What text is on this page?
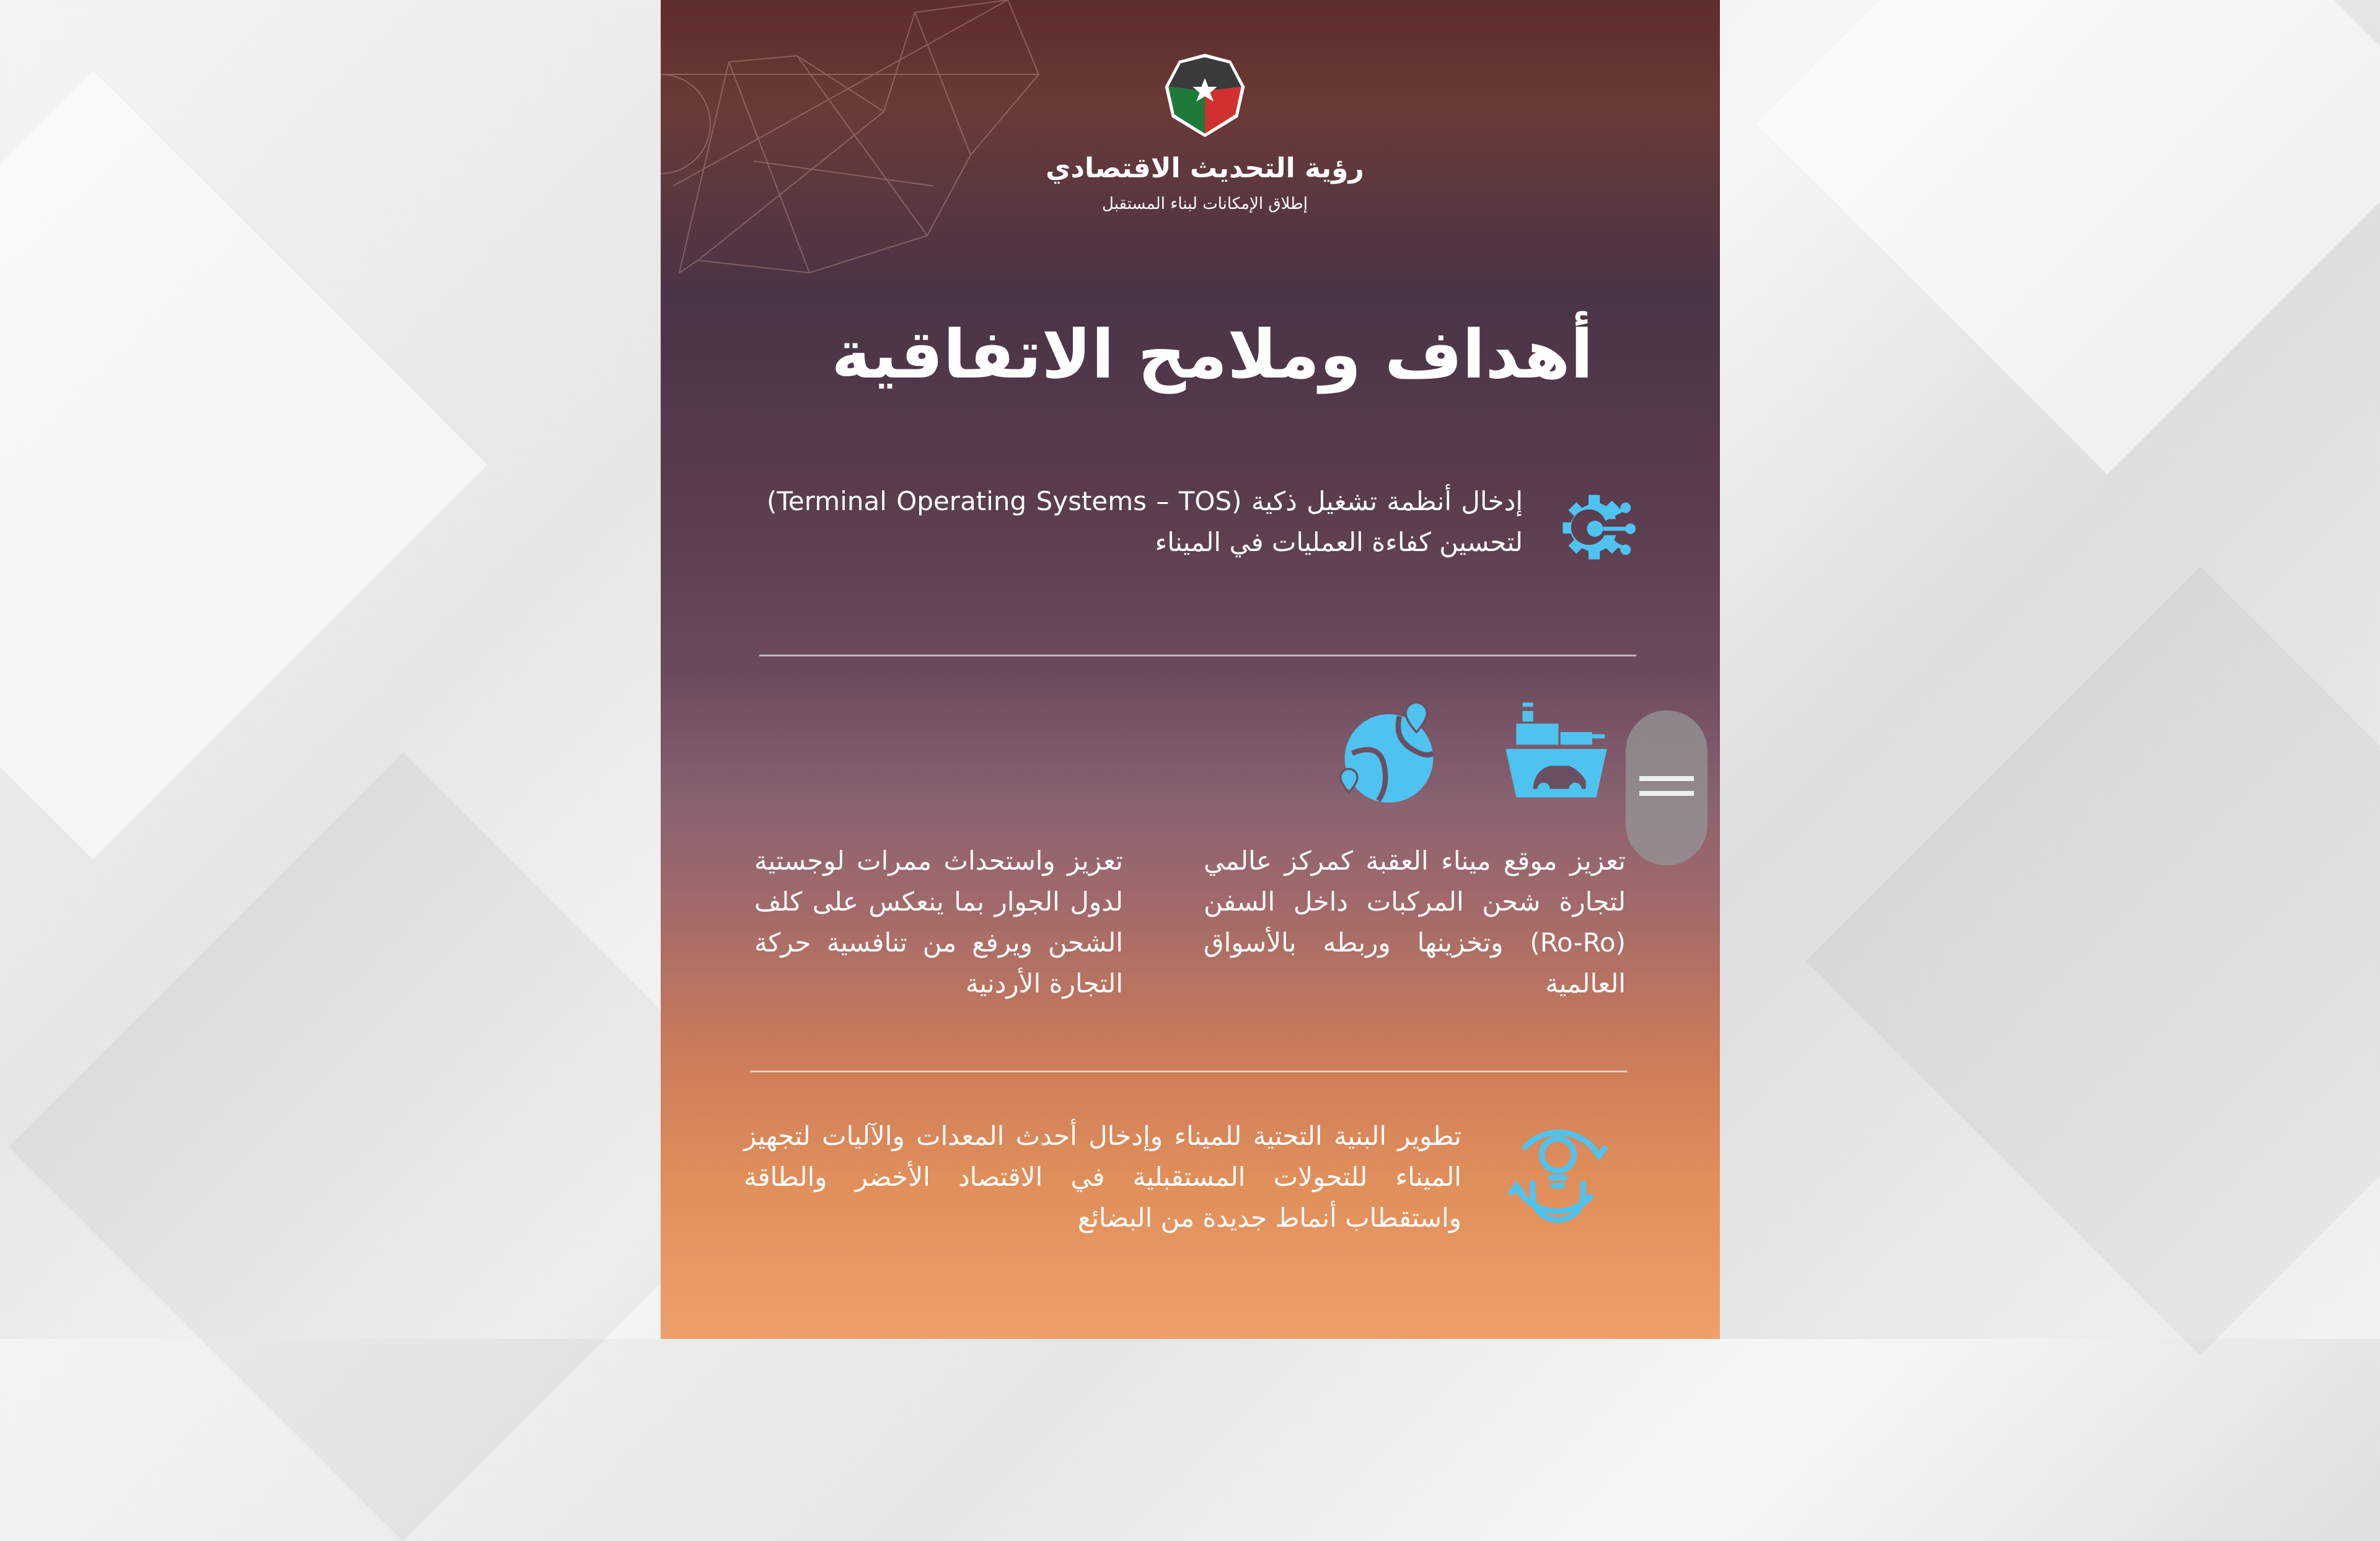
رؤية التحديث الاقتصادي
إطلاق الإمكانات لبناء المستقبل
أهداف وملامح الاتفاقية
إدخال أنظمة تشغيل ذكية (Terminal Operating Systems – TOS) لتحسين كفاءة العمليات في الميناء
تعزيز موقع ميناء العقبة كمركز عالمي لتجارة شحن المركبات داخل السفن (Ro-Ro) وتخزينها وربطه بالأسواق العالمية
تعزيز واستحداث ممرات لوجستية لدول الجوار بما ينعكس على كلف الشحن ويرفع من تنافسية حركة التجارة الأردنية
تطوير البنية التحتية للميناء وإدخال أحدث المعدات والآليات لتجهيز الميناء للتحولات المستقبلية في الاقتصاد الأخضر والطاقة واستقطاب أنماط جديدة من البضائع
